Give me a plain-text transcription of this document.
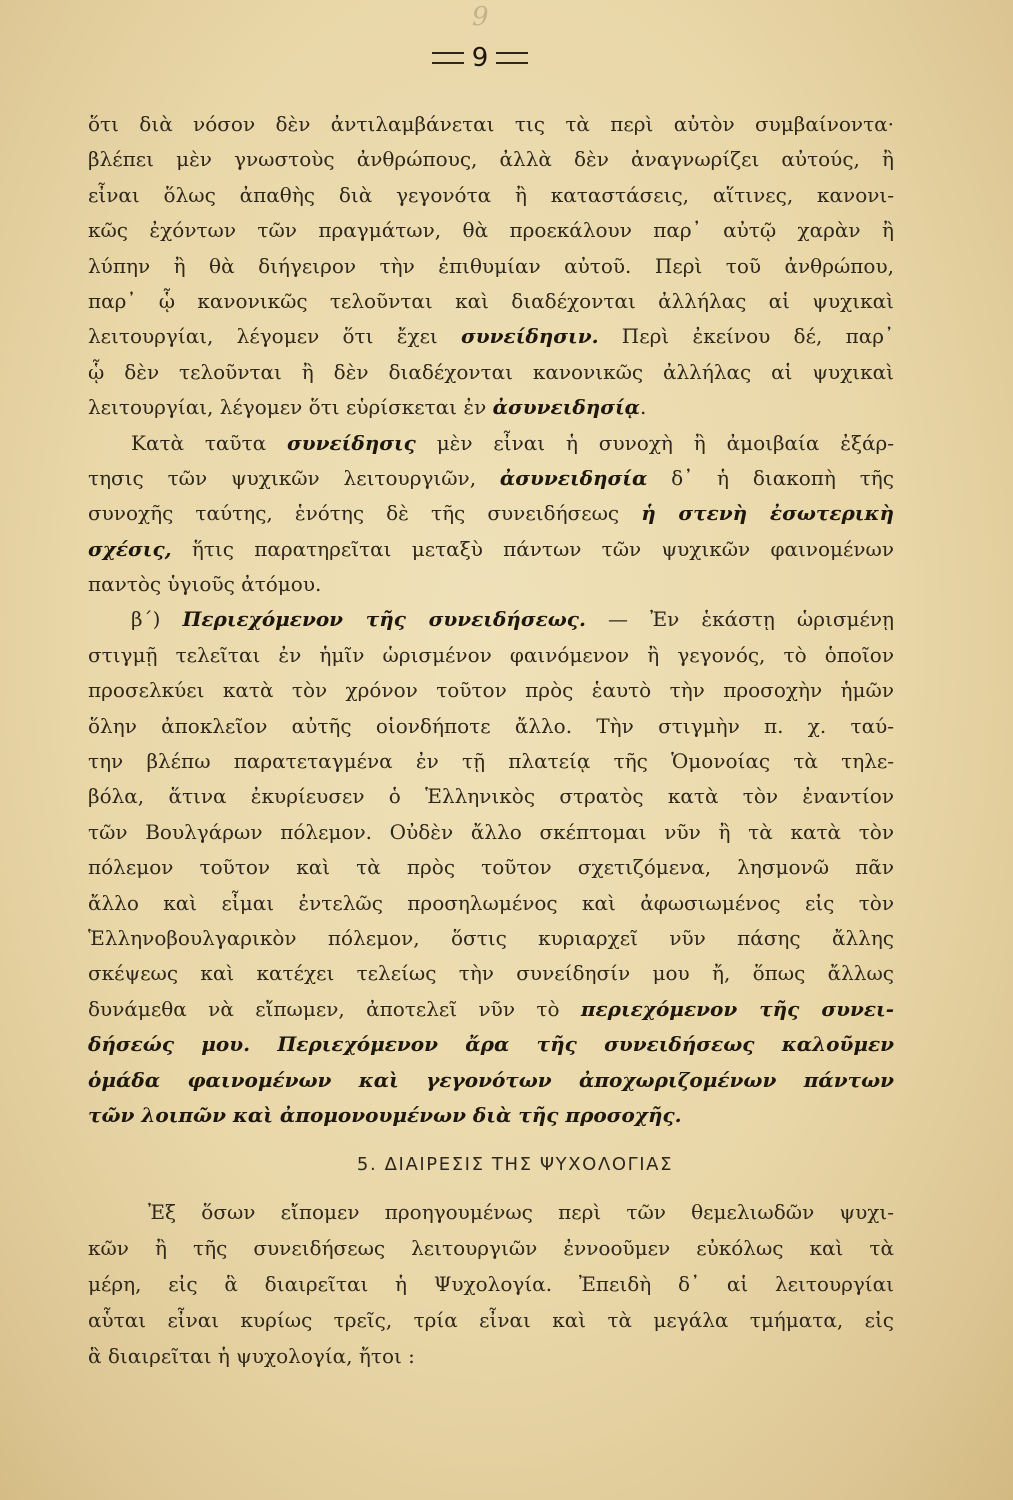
9
9
ὅτι διὰ νόσον δὲν ἀντιλαμβάνεται τις τὰ περὶ αὐτὸν συμβαίνοντα·
βλέπει μὲν γνωστοὺς ἀνθρώπους, ἀλλὰ δὲν ἀναγνωρίζει αὐτούς, ἢ
εἶναι ὅλως ἀπαθὴς διὰ γεγονότα ἢ καταστάσεις, αἵτινες, κανονι-
κῶς ἐχόντων τῶν πραγμάτων, θὰ προεκάλουν παρ᾽ αὐτῷ χαρὰν ἢ
λύπην ἢ θὰ διήγειρον τὴν ἐπιθυμίαν αὐτοῦ. Περὶ τοῦ ἀνθρώπου,
παρ᾽ ᾧ κανονικῶς τελοῦνται καὶ διαδέχονται ἀλλήλας αἱ ψυχικαὶ
λειτουργίαι, λέγομεν ὅτι ἔχει συνείδησιν. Περὶ ἐκείνου δέ, παρ᾽
ᾧ δὲν τελοῦνται ἢ δὲν διαδέχονται κανονικῶς ἀλλήλας αἱ ψυχικαὶ
λειτουργίαι, λέγομεν ὅτι εὑρίσκεται ἐν ἀσυνειδησίᾳ.
Κατὰ ταῦτα συνείδησις μὲν εἶναι ἡ συνοχὴ ἢ ἀμοιβαία ἐξάρ-
τησις τῶν ψυχικῶν λειτουργιῶν, ἀσυνειδησία δ᾽ ἡ διακοπὴ τῆς
συνοχῆς ταύτης, ἑνότης δὲ τῆς συνειδήσεως ἡ στενὴ ἐσωτερικὴ
σχέσις, ἥτις παρατηρεῖται μεταξὺ πάντων τῶν ψυχικῶν φαινομένων
παντὸς ὑγιοῦς ἀτόμου.
β΄) Περιεχόμενον τῆς συνειδήσεως. — Ἐν ἑκάστῃ ὡρισμένῃ
στιγμῇ τελεῖται ἐν ἡμῖν ὡρισμένον φαινόμενον ἢ γεγονός, τὸ ὁποῖον
προσελκύει κατὰ τὸν χρόνον τοῦτον πρὸς ἑαυτὸ τὴν προσοχὴν ἡμῶν
ὅλην ἀποκλεῖον αὐτῆς οἱονδήποτε ἄλλο. Τὴν στιγμὴν π. χ. ταύ-
την βλέπω παρατεταγμένα ἐν τῇ πλατείᾳ τῆς Ὁμονοίας τὰ τηλε-
βόλα, ἅτινα ἐκυρίευσεν ὁ Ἑλληνικὸς στρατὸς κατὰ τὸν ἐναντίον
τῶν Βουλγάρων πόλεμον. Οὐδὲν ἄλλο σκέπτομαι νῦν ἢ τὰ κατὰ τὸν
πόλεμον τοῦτον καὶ τὰ πρὸς τοῦτον σχετιζόμενα, λησμονῶ πᾶν
ἄλλο καὶ εἶμαι ἐντελῶς προσηλωμένος καὶ ἀφωσιωμένος εἰς τὸν
Ἑλληνοβουλγαρικὸν πόλεμον, ὅστις κυριαρχεῖ νῦν πάσης ἄλλης
σκέψεως καὶ κατέχει τελείως τὴν συνείδησίν μου ἤ, ὅπως ἄλλως
δυνάμεθα νὰ εἴπωμεν, ἀποτελεῖ νῦν τὸ περιεχόμενον τῆς συνει-
δήσεώς μου. Περιεχόμενον ἄρα τῆς συνειδήσεως καλοῦμεν
ὁμάδα φαινομένων καὶ γεγονότων ἀποχωριζομένων πάντων
τῶν λοιπῶν καὶ ἀπομονουμένων διὰ τῆς προσοχῆς.
5. ΔΙΑΙΡΕΣΙΣ ΤΗΣ ΨΥΧΟΛΟΓΙΑΣ
Ἐξ ὅσων εἴπομεν προηγουμένως περὶ τῶν θεμελιωδῶν ψυχι-
κῶν ἢ τῆς συνειδήσεως λειτουργιῶν ἐννοοῦμεν εὐκόλως καὶ τὰ
μέρη, εἰς ἃ διαιρεῖται ἡ Ψυχολογία. Ἐπειδὴ δ᾽ αἱ λειτουργίαι
αὗται εἶναι κυρίως τρεῖς, τρία εἶναι καὶ τὰ μεγάλα τμήματα, εἰς
ἃ διαιρεῖται ἡ ψυχολογία, ἤτοι :
